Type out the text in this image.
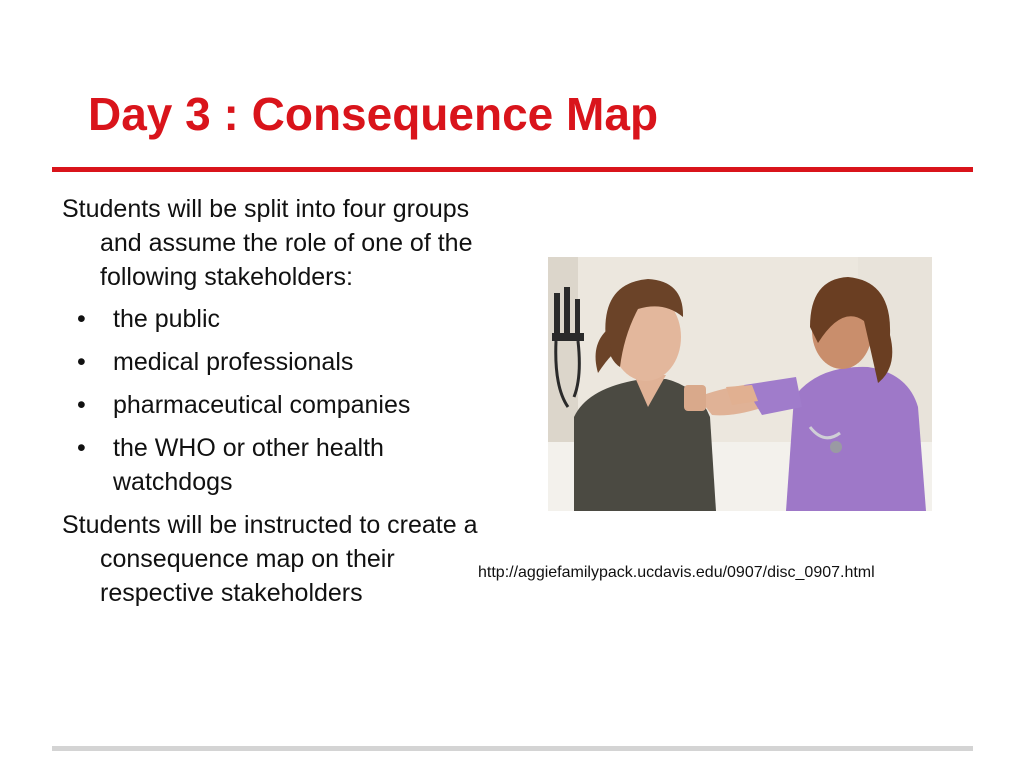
Day 3 : Consequence Map

Students will be split into four groups and assume the role of one of the following stakeholders:

• the public
• medical professionals
• pharmaceutical companies
• the WHO or other health watchdogs

Students will be instructed to create a consequence map on their respective stakeholders

http://aggiefamilypack.ucdavis.edu/0907/disc_0907.html
